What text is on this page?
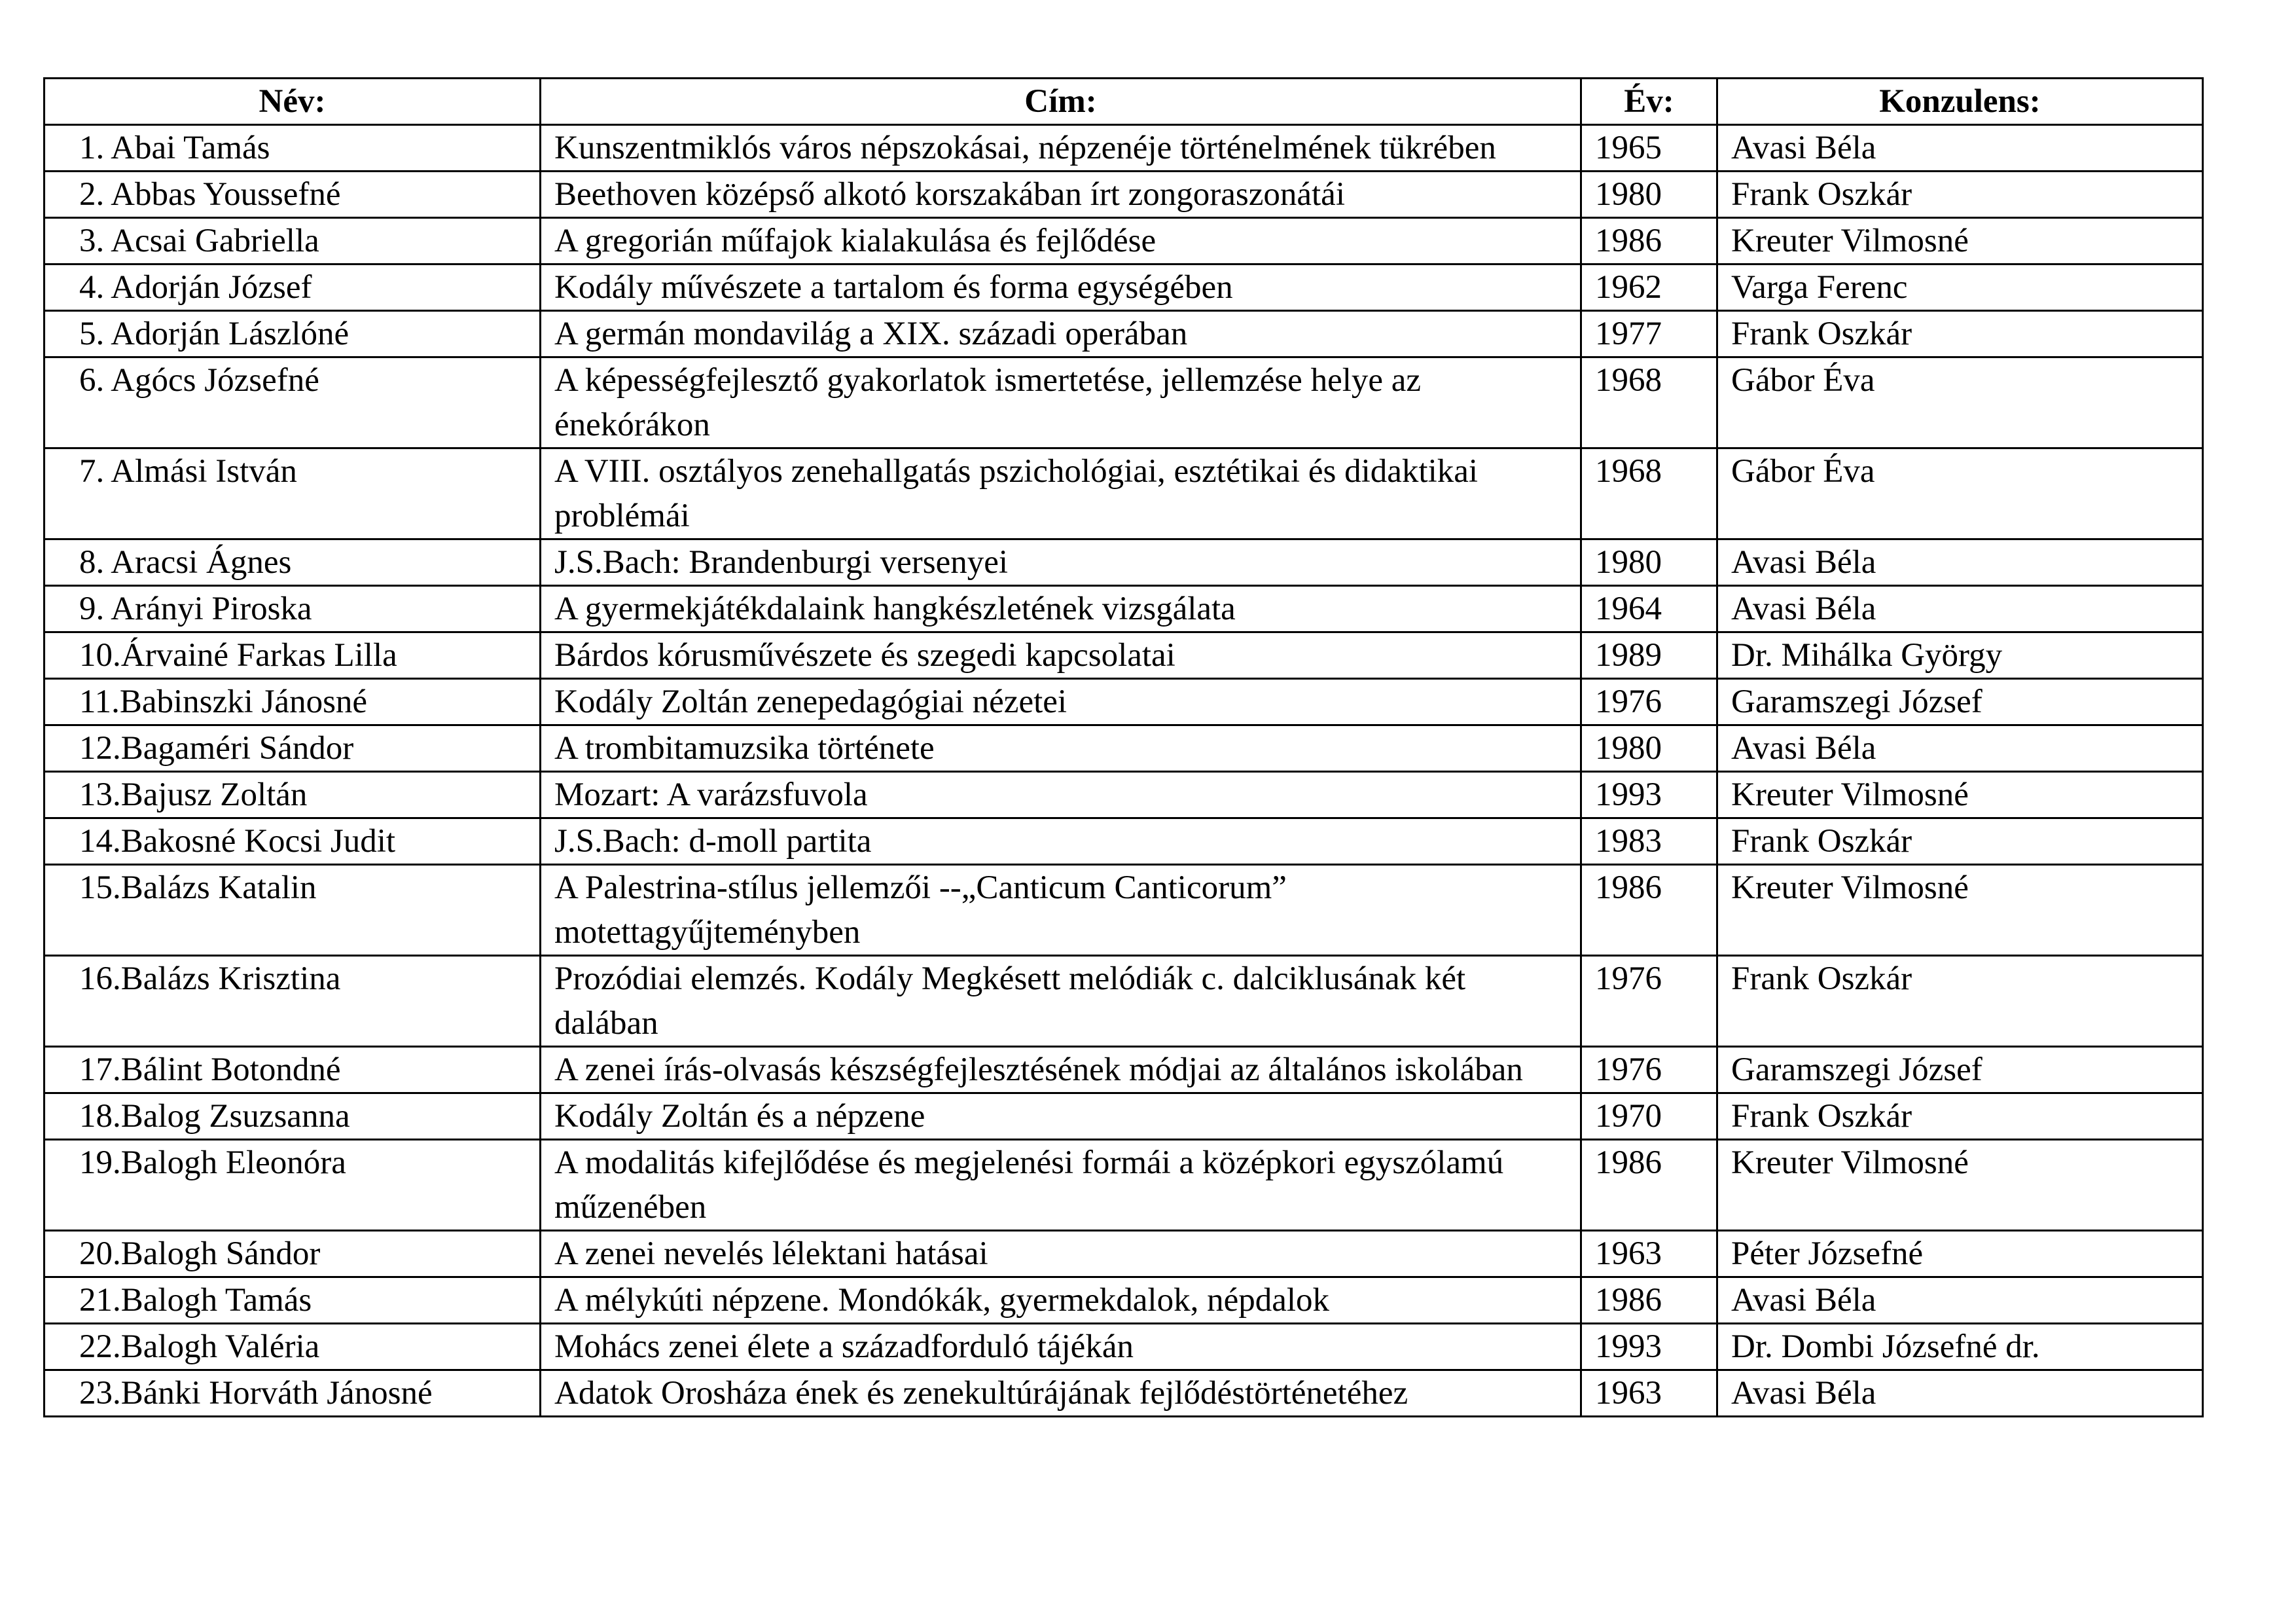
Név:	Cím:	Év:	Konzulens:
1. Abai Tamás	Kunszentmiklós város népszokásai, népzenéje történelmének tükrében	1965	Avasi Béla
2. Abbas Youssefné	Beethoven középső alkotó korszakában írt zongoraszonátái	1980	Frank Oszkár
3. Acsai Gabriella	A gregorián műfajok kialakulása és fejlődése	1986	Kreuter Vilmosné
4. Adorján József	Kodály művészete a tartalom és forma egységében	1962	Varga Ferenc
5. Adorján Lászlóné	A germán mondavilág a XIX. századi operában	1977	Frank Oszkár
6. Agócs Józsefné	A képességfejlesztő gyakorlatok ismertetése, jellemzése helye az énekórákon	1968	Gábor Éva
7. Almási István	A VIII. osztályos zenehallgatás pszichológiai, esztétikai és didaktikai problémái	1968	Gábor Éva
8. Aracsi Ágnes	J.S.Bach: Brandenburgi versenyei	1980	Avasi Béla
9. Arányi Piroska	A gyermekjátékdalaink hangkészletének vizsgálata	1964	Avasi Béla
10.Árvainé Farkas Lilla	Bárdos kórusművészete és szegedi kapcsolatai	1989	Dr. Mihálka György
11.Babinszki Jánosné	Kodály Zoltán zenepedagógiai nézetei	1976	Garamszegi József
12.Bagaméri Sándor	A trombitamuzsika története	1980	Avasi Béla
13.Bajusz Zoltán	Mozart: A varázsfuvola	1993	Kreuter Vilmosné
14.Bakosné Kocsi Judit	J.S.Bach: d-moll partita	1983	Frank Oszkár
15.Balázs Katalin	A Palestrina-stílus jellemzői --„Canticum Canticorum” motettagyűjteményben	1986	Kreuter Vilmosné
16.Balázs Krisztina	Prozódiai elemzés. Kodály Megkésett melódiák c. dalciklusának két dalában	1976	Frank Oszkár
17.Bálint Botondné	A zenei írás-olvasás készségfejlesztésének módjai az általános iskolában	1976	Garamszegi József
18.Balog Zsuzsanna	Kodály Zoltán és a népzene	1970	Frank Oszkár
19.Balogh Eleonóra	A modalitás kifejlődése és megjelenési formái a középkori egyszólamú műzenében	1986	Kreuter Vilmosné
20.Balogh Sándor	A zenei nevelés lélektani hatásai	1963	Péter Józsefné
21.Balogh Tamás	A mélykúti népzene. Mondókák, gyermekdalok, népdalok	1986	Avasi Béla
22.Balogh Valéria	Mohács zenei élete a századforduló tájékán	1993	Dr. Dombi Józsefné dr.
23.Bánki Horváth Jánosné	Adatok Orosháza ének és zenekultúrájának fejlődéstörténetéhez	1963	Avasi Béla
